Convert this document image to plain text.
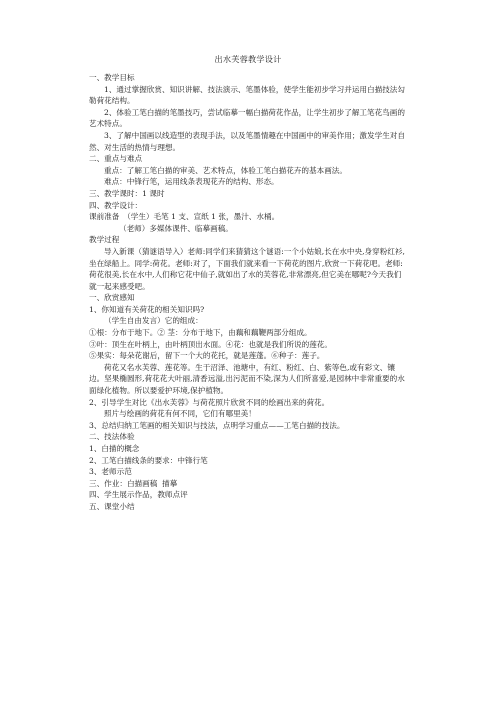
出水芙蓉教学设计

一、教学目标

1、通过掌握欣赏、知识讲解、技法演示、笔墨体验，使学生能初步学习并运用白描技法勾勒荷花结构。

2、体验工笔白描的笔墨技巧，尝试临摹一幅白描荷花作品，让学生初步了解工笔花鸟画的艺术特点。

3、了解中国画以线造型的表现手法，以及笔墨情趣在中国画中的审美作用；激发学生对自然、对生活的热情与理想。

二、重点与难点

重点：了解工笔白描的审美、艺术特点，体验工笔白描花卉的基本画法。

难点：中锋行笔，运用线条表现花卉的结构、形态。

三、教学课时：1 课时

四、教学设计：

课前准备　（学生）毛笔 1 支、宣纸 1 张，墨汁、水桶。

（老师）多媒体课件、临摹画稿。

教学过程

导入新课（猜谜语导入）老师:同学们来猜猜这个谜语:一个小姑娘,长在水中央,身穿粉红衫,坐在绿船上。同学:荷花。老师:对了，下面我们就来看一下荷花的图片,欣赏一下荷花吧。老师:荷花很美,长在水中,人们称它花中仙子,就如出了水的芙蓉花,非常漂亮,但它美在哪呢?今天我们就一起来感受吧。

一、欣赏感知

1、你知道有关荷花的相关知识吗?

（学生自由发言）它的组成：

①根：分布于地下。② 茎：分布于地下，由藕和藕鞭两部分组成。

③叶：顶生在叶柄上，由叶柄顶出水面。④花：也就是我们所说的莲花。

⑤果实：每朵花谢后，留下一个大的花托，就是莲蓬。⑥种子：莲子。

荷花又名水芙蓉、莲花等。生于沼泽、池塘中，有红、粉红、白、紫等色,或有彩文、镶边。坚果椭圆形,荷花花大叶丽,清香远溢,出污泥而不染,深为人们所喜爱,是园林中非常重要的水面绿化植物。所以要爱护环境,保护植物。

2、引导学生对比《出水芙蓉》与荷花照片欣赏不同的绘画出来的荷花。

照片与绘画的荷花有何不同，它们有哪里美！

3、总结归纳工笔画的相关知识与技法，点明学习重点——工笔白描的技法。

二、技法体验

1、白描的概念

2、工笔白描线条的要求：中锋行笔

3、老师示范

三、作业：白描画稿  描摹

四、学生展示作品，教师点评

五、课堂小结
